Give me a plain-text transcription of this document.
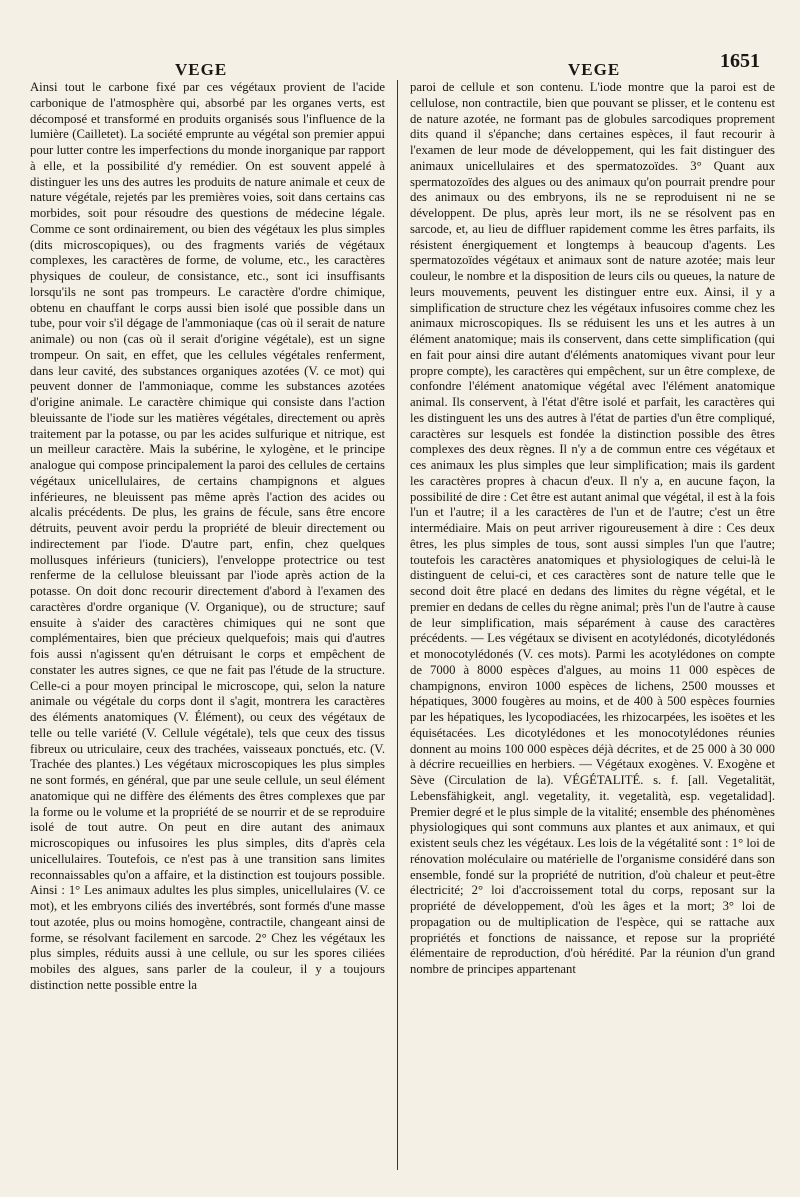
VEGE	VEGE	1651

Ainsi tout le carbone fixé par ces végétaux provient de l'acide carbonique de l'atmosphère qui, absorbé par les organes verts, est décomposé et transformé en produits organisés sous l'influence de la lumière (Cailletet). La société emprunte au végétal son premier appui pour lutter contre les imperfections du monde inorganique par rapport à elle, et la possibilité d'y remédier. On est souvent appelé à distinguer les uns des autres les produits de nature animale et ceux de nature végétale, rejetés par les premières voies, soit dans certains cas morbides, soit pour résoudre des questions de médecine légale. Comme ce sont ordinairement, ou bien des végétaux les plus simples (dits microscopiques), ou des fragments variés de végétaux complexes, les caractères de forme, de volume, etc., les caractères physiques de couleur, de consistance, etc., sont ici insuffisants lorsqu'ils ne sont pas trompeurs. Le caractère d'ordre chimique, obtenu en chauffant le corps aussi bien isolé que possible dans un tube, pour voir s'il dégage de l'ammoniaque (cas où il serait de nature animale) ou non (cas où il serait d'origine végétale), est un signe trompeur. On sait, en effet, que les cellules végétales renferment, dans leur cavité, des substances organiques azotées (V. ce mot) qui peuvent donner de l'ammoniaque, comme les substances azotées d'origine animale. Le caractère chimique qui consiste dans l'action bleuissante de l'iode sur les matières végétales, directement ou après traitement par la potasse, ou par les acides sulfurique et nitrique, est un meilleur caractère. Mais la subérine, le xylogène, et le principe analogue qui compose principalement la paroi des cellules de certains végétaux unicellulaires, de certains champignons et algues inférieures, ne bleuissent pas même après l'action des acides ou alcalis précédents. De plus, les grains de fécule, sans être encore détruits, peuvent avoir perdu la propriété de bleuir directement ou indirectement par l'iode. D'autre part, enfin, chez quelques mollusques inférieurs (tuniciers), l'enveloppe protectrice ou test renferme de la cellulose bleuissant par l'iode après action de la potasse. On doit donc recourir directement d'abord à l'examen des caractères d'ordre organique (V. Organique), ou de structure; sauf ensuite à s'aider des caractères chimiques qui ne sont que complémentaires, bien que précieux quelquefois; mais qui d'autres fois aussi n'agissent qu'en détruisant le corps et empêchent de constater les autres signes, ce que ne fait pas l'étude de la structure. Celle-ci a pour moyen principal le microscope, qui, selon la nature animale ou végétale du corps dont il s'agit, montrera les caractères des éléments anatomiques (V. Élément), ou ceux des végétaux de telle ou telle variété (V. Cellule végétale), tels que ceux des tissus fibreux ou utriculaire, ceux des trachées, vaisseaux ponctués, etc. (V. Trachée des plantes.) Les végétaux microscopiques les plus simples ne sont formés, en général, que par une seule cellule, un seul élément anatomique qui ne diffère des éléments des êtres complexes que par la forme ou le volume et la propriété de se nourrir et de se reproduire isolé de tout autre. On peut en dire autant des animaux microscopiques ou infusoires les plus simples, dits d'après cela unicellulaires. Toutefois, ce n'est pas à une transition sans limites reconnaissables qu'on a affaire, et la distinction est toujours possible. Ainsi : 1° Les animaux adultes les plus simples, unicellulaires (V. ce mot), et les embryons ciliés des invertébrés, sont formés d'une masse tout azotée, plus ou moins homogène, contractile, changeant ainsi de forme, se résolvant facilement en sarcode. 2° Chez les végétaux les plus simples, réduits aussi à une cellule, ou sur les spores ciliées mobiles des algues, sans parler de la couleur, il y a toujours distinction nette possible entre la

paroi de cellule et son contenu. L'iode montre que la paroi est de cellulose, non contractile, bien que pouvant se plisser, et le contenu est de nature azotée, ne formant pas de globules sarcodiques proprement dits quand il s'épanche; dans certaines espèces, il faut recourir à l'examen de leur mode de développement, qui les fait distinguer des animaux unicellulaires et des spermatozoïdes. 3° Quant aux spermatozoïdes des algues ou des animaux qu'on pourrait prendre pour des animaux ou des embryons, ils ne se reproduisent ni ne se développent. De plus, après leur mort, ils ne se résolvent pas en sarcode, et, au lieu de diffluer rapidement comme les êtres parfaits, ils résistent énergiquement et longtemps à beaucoup d'agents. Les spermatozoïdes végétaux et animaux sont de nature azotée; mais leur couleur, le nombre et la disposition de leurs cils ou queues, la nature de leurs mouvements, peuvent les distinguer entre eux. Ainsi, il y a simplification de structure chez les végétaux infusoires comme chez les animaux microscopiques. Ils se réduisent les uns et les autres à un élément anatomique; mais ils conservent, dans cette simplification (qui en fait pour ainsi dire autant d'éléments anatomiques vivant pour leur propre compte), les caractères qui empêchent, sur un être complexe, de confondre l'élément anatomique végétal avec l'élément anatomique animal. Ils conservent, à l'état d'être isolé et parfait, les caractères qui les distinguent les uns des autres à l'état de parties d'un être compliqué, caractères sur lesquels est fondée la distinction possible des êtres complexes des deux règnes. Il n'y a de commun entre ces végétaux et ces animaux les plus simples que leur simplification; mais ils gardent les caractères propres à chacun d'eux. Il n'y a, en aucune façon, la possibilité de dire : Cet être est autant animal que végétal, il est à la fois l'un et l'autre; il a les caractères de l'un et de l'autre; c'est un être intermédiaire. Mais on peut arriver rigoureusement à dire : Ces deux êtres, les plus simples de tous, sont aussi simples l'un que l'autre; toutefois les caractères anatomiques et physiologiques de celui-là le distinguent de celui-ci, et ces caractères sont de nature telle que le second doit être placé en dedans des limites du règne végétal, et le premier en dedans de celles du règne animal; près l'un de l'autre à cause de leur simplification, mais séparément à cause des caractères précédents. — Les végétaux se divisent en acotylédonés, dicotylédonés et monocotylédonés (V. ces mots). Parmi les acotylédones on compte de 7000 à 8000 espèces d'algues, au moins 11 000 espèces de champignons, environ 1000 espèces de lichens, 2500 mousses et hépatiques, 3000 fougères au moins, et de 400 à 500 espèces fournies par les hépatiques, les lycopodiacées, les rhizocarpées, les isoëtes et les équisétacées. Les dicotylédones et les monocotylédones réunies donnent au moins 100 000 espèces déjà décrites, et de 25 000 à 30 000 à décrire recueillies en herbiers. — Végétaux exogènes. V. Exogène et Sève (Circulation de la). VÉGÉTALITÉ. s. f. [all. Vegetalität, Lebensfähigkeit, angl. vegetality, it. vegetalità, esp. vegetalidad]. Premier degré et le plus simple de la vitalité; ensemble des phénomènes physiologiques qui sont communs aux plantes et aux animaux, et qui existent seuls chez les végétaux. Les lois de la végétalité sont : 1° loi de rénovation moléculaire ou matérielle de l'organisme considéré dans son ensemble, fondé sur la propriété de nutrition, d'où chaleur et peut-être électricité; 2° loi d'accroissement total du corps, reposant sur la propriété de développement, d'où les âges et la mort; 3° loi de propagation ou de multiplication de l'espèce, qui se rattache aux propriétés et fonctions de naissance, et repose sur la propriété élémentaire de reproduction, d'où hérédité. Par la réunion d'un grand nombre de principes appartenant
